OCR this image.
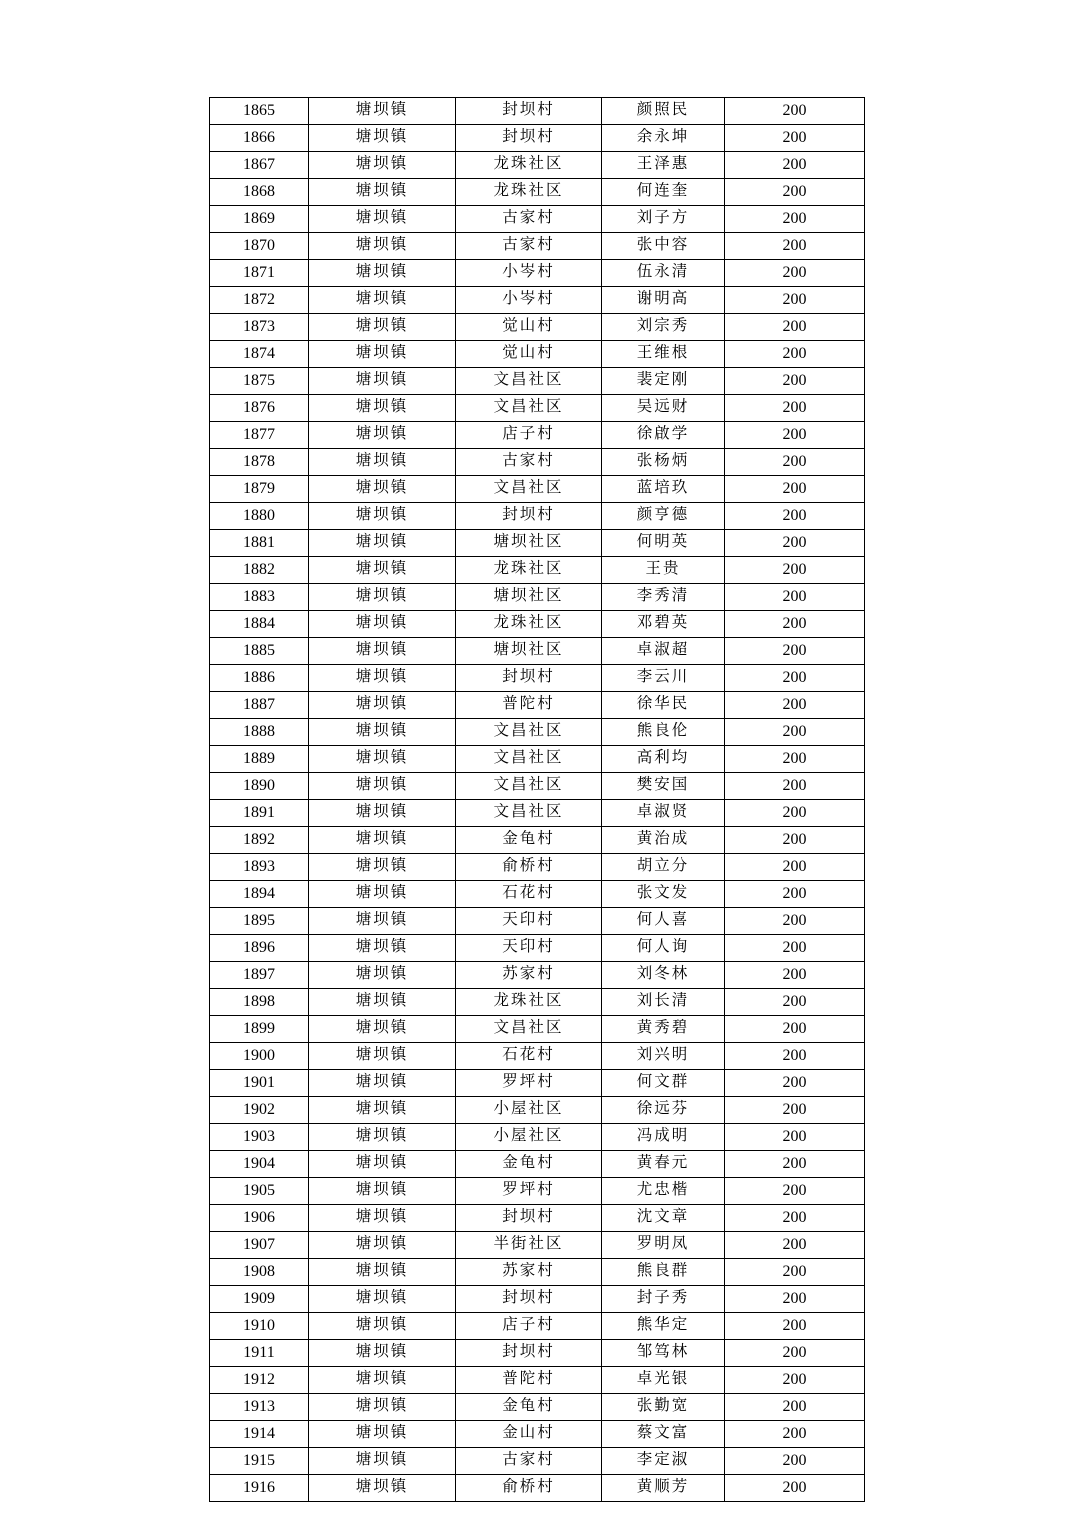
1865	塘坝镇	封坝村	颜照民	200
1866	塘坝镇	封坝村	余永坤	200
1867	塘坝镇	龙珠社区	王泽惠	200
1868	塘坝镇	龙珠社区	何连奎	200
1869	塘坝镇	古家村	刘子方	200
1870	塘坝镇	古家村	张中容	200
1871	塘坝镇	小岑村	伍永清	200
1872	塘坝镇	小岑村	谢明高	200
1873	塘坝镇	觉山村	刘宗秀	200
1874	塘坝镇	觉山村	王维根	200
1875	塘坝镇	文昌社区	裴定刚	200
1876	塘坝镇	文昌社区	吴远财	200
1877	塘坝镇	店子村	徐啟学	200
1878	塘坝镇	古家村	张杨炳	200
1879	塘坝镇	文昌社区	蓝培玖	200
1880	塘坝镇	封坝村	颜亨德	200
1881	塘坝镇	塘坝社区	何明英	200
1882	塘坝镇	龙珠社区	王贵	200
1883	塘坝镇	塘坝社区	李秀清	200
1884	塘坝镇	龙珠社区	邓碧英	200
1885	塘坝镇	塘坝社区	卓淑超	200
1886	塘坝镇	封坝村	李云川	200
1887	塘坝镇	普陀村	徐华民	200
1888	塘坝镇	文昌社区	熊良伦	200
1889	塘坝镇	文昌社区	高利均	200
1890	塘坝镇	文昌社区	樊安国	200
1891	塘坝镇	文昌社区	卓淑贤	200
1892	塘坝镇	金龟村	黄治成	200
1893	塘坝镇	俞桥村	胡立分	200
1894	塘坝镇	石花村	张文发	200
1895	塘坝镇	天印村	何人喜	200
1896	塘坝镇	天印村	何人询	200
1897	塘坝镇	苏家村	刘冬林	200
1898	塘坝镇	龙珠社区	刘长清	200
1899	塘坝镇	文昌社区	黄秀碧	200
1900	塘坝镇	石花村	刘兴明	200
1901	塘坝镇	罗坪村	何文群	200
1902	塘坝镇	小屋社区	徐远芬	200
1903	塘坝镇	小屋社区	冯成明	200
1904	塘坝镇	金龟村	黄春元	200
1905	塘坝镇	罗坪村	尤忠楷	200
1906	塘坝镇	封坝村	沈文章	200
1907	塘坝镇	半街社区	罗明凤	200
1908	塘坝镇	苏家村	熊良群	200
1909	塘坝镇	封坝村	封子秀	200
1910	塘坝镇	店子村	熊华定	200
1911	塘坝镇	封坝村	邹笃林	200
1912	塘坝镇	普陀村	卓光银	200
1913	塘坝镇	金龟村	张勤宽	200
1914	塘坝镇	金山村	蔡文富	200
1915	塘坝镇	古家村	李定淑	200
1916	塘坝镇	俞桥村	黄顺芳	200
